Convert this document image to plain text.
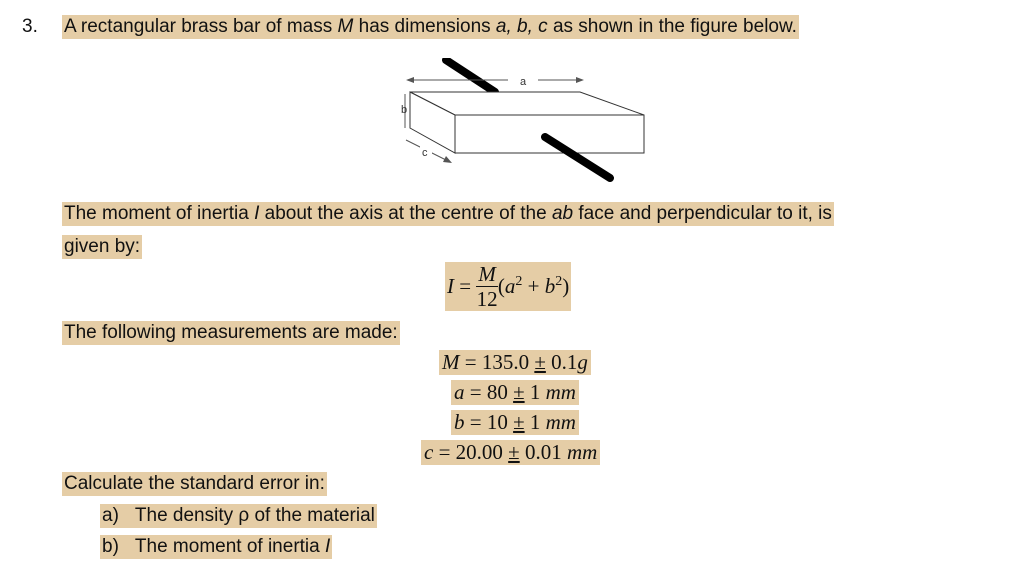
3. A rectangular brass bar of mass M has dimensions a, b, c as shown in the figure below.
a
b
c
The moment of inertia I about the axis at the centre of the ab face and perpendicular to it, is
given by:
$I = \frac{M}{12} (a^2 + b^2)$
The following measurements are made:
M = 135.0 ± 0.1g
a = 80 ± 1 mm
b = 10 ± 1 mm
c = 20.00 ± 0.01 mm
Calculate the standard error in:
a) The density ρ of the material
b) The moment of inertia I
